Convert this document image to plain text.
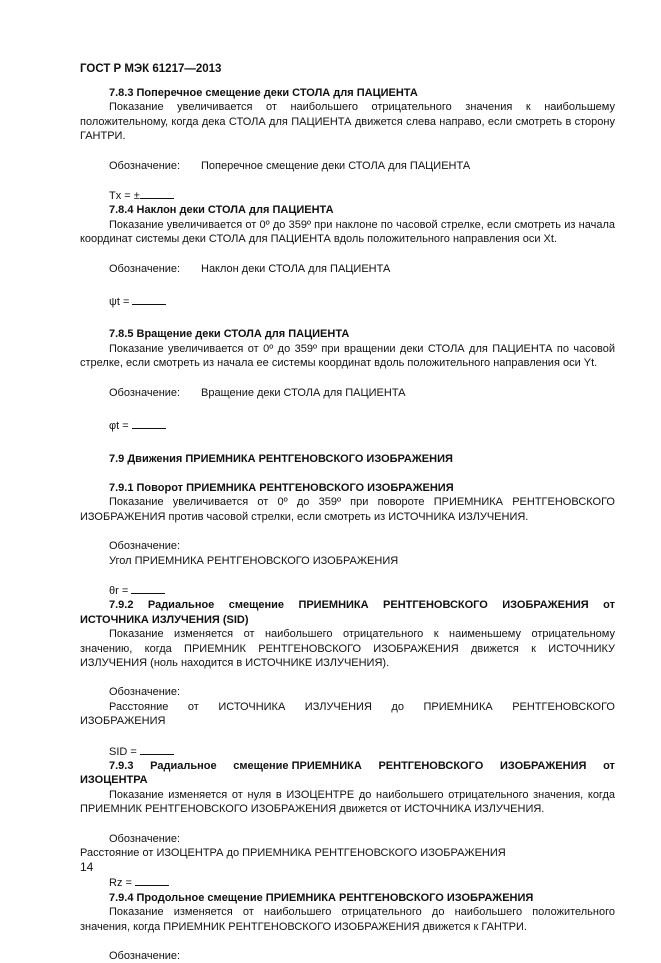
ГОСТ Р МЭК 61217—2013

7.8.3 Поперечное смещение деки СТОЛА для ПАЦИЕНТА

Показание увеличивается от наибольшего отрицательного значения к наибольшему положительному, когда дека СТОЛА для ПАЦИЕНТА движется слева направо, если смотреть в сторону ГАНТРИ.

Обозначение:	Поперечное смещение деки СТОЛА для ПАЦИЕНТА

Tx = ±

7.8.4 Наклон деки СТОЛА для ПАЦИЕНТА

Показание увеличивается от 0º до 359º при наклоне по часовой стрелке, если смотреть из начала координат системы деки СТОЛА для ПАЦИЕНТА вдоль положительного направления оси Xt.

Обозначение:	Наклон деки СТОЛА для ПАЦИЕНТА

ψt =

7.8.5 Вращение деки СТОЛА для ПАЦИЕНТА

Показание увеличивается от 0º до 359º при вращении деки СТОЛА для ПАЦИЕНТА по часовой стрелке, если смотреть из начала ее системы координат вдоль положительного направления оси Yt.

Обозначение:	Вращение деки СТОЛА для ПАЦИЕНТА

φt =

7.9 Движения ПРИЕМНИКА РЕНТГЕНОВСКОГО ИЗОБРАЖЕНИЯ

7.9.1 Поворот ПРИЕМНИКА РЕНТГЕНОВСКОГО ИЗОБРАЖЕНИЯ

Показание увеличивается от 0º до 359º при повороте ПРИЕМНИКА РЕНТГЕНОВСКОГО ИЗОБРАЖЕНИЯ против часовой стрелки, если смотреть из ИСТОЧНИКА ИЗЛУЧЕНИЯ.

Обозначение:

Угол ПРИЕМНИКА РЕНТГЕНОВСКОГО ИЗОБРАЖЕНИЯ

θr =

7.9.2 Радиальное смещение ПРИЕМНИКА РЕНТГЕНОВСКОГО ИЗОБРАЖЕНИЯ от

ИСТОЧНИКА ИЗЛУЧЕНИЯ (SID)

Показание изменяется от наибольшего отрицательного к наименьшему отрицательному значению, когда ПРИЕМНИК РЕНТГЕНОВСКОГО ИЗОБРАЖЕНИЯ движется к ИСТОЧНИКУ ИЗЛУЧЕНИЯ (ноль находится в ИСТОЧНИКЕ ИЗЛУЧЕНИЯ).

Обозначение:

Расстояние от ИСТОЧНИКА ИЗЛУЧЕНИЯ до ПРИЕМНИКА РЕНТГЕНОВСКОГО

ИЗОБРАЖЕНИЯ

SID =

7.9.3 Радиальное смещение ПРИЕМНИКА РЕНТГЕНОВСКОГО ИЗОБРАЖЕНИЯ от

ИЗОЦЕНТРА

Показание изменяется от нуля в ИЗОЦЕНТРЕ до наибольшего отрицательного значения, когда ПРИЕМНИК РЕНТГЕНОВСКОГО ИЗОБРАЖЕНИЯ движется от ИСТОЧНИКА ИЗЛУЧЕНИЯ.

Обозначение:

Расстояние от ИЗОЦЕНТРА до ПРИЕМНИКА РЕНТГЕНОВСКОГО ИЗОБРАЖЕНИЯ

Rz =

7.9.4 Продольное смещение ПРИЕМНИКА РЕНТГЕНОВСКОГО ИЗОБРАЖЕНИЯ

Показание изменяется от наибольшего отрицательного до наибольшего положительного значения, когда ПРИЕМНИК РЕНТГЕНОВСКОГО ИЗОБРАЖЕНИЯ движется к ГАНТРИ.

Обозначение:

14
